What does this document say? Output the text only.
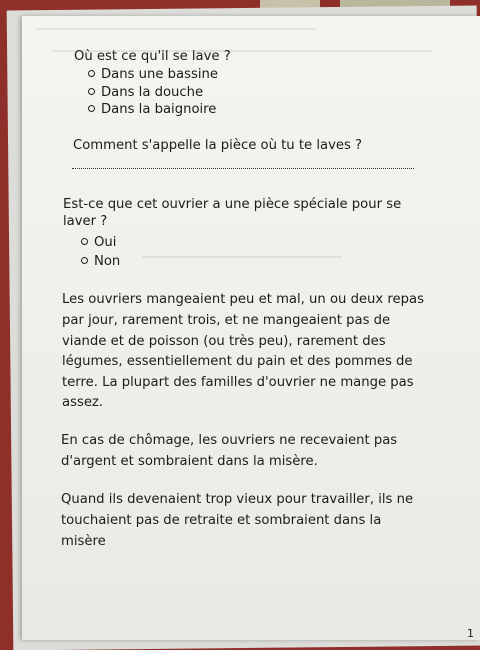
Où est ce qu'il se lave ?
Dans une bassine
Dans la douche
Dans la baignoire
Comment s'appelle la pièce où tu te laves ?
Est-ce que cet ouvrier a une pièce spéciale pour se
laver ?
Oui
Non
Les ouvriers mangeaient peu et mal, un ou deux repas
par jour, rarement trois, et ne mangeaient pas de
viande et de poisson (ou très peu), rarement des
légumes, essentiellement du pain et des pommes de
terre. La plupart des familles d'ouvrier ne mange pas
assez.
En cas de chômage, les ouvriers ne recevaient pas
d'argent et sombraient dans la misère.
Quand ils devenaient trop vieux pour travailler, ils ne
touchaient pas de retraite et sombraient dans la
misère
1
